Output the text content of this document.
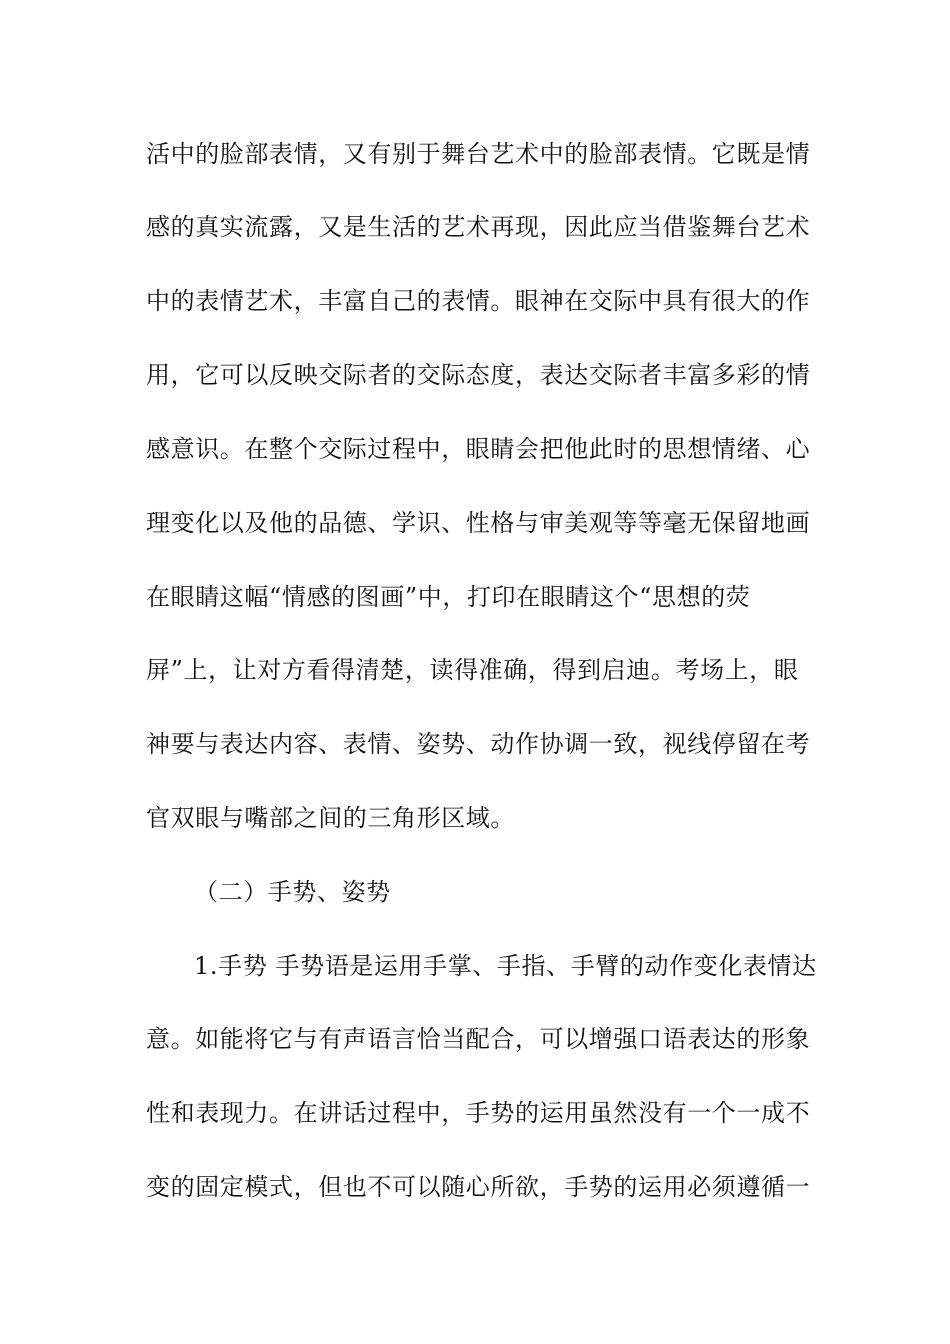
活中的脸部表情，又有别于舞台艺术中的脸部表情。它既是情
感的真实流露，又是生活的艺术再现，因此应当借鉴舞台艺术
中的表情艺术，丰富自己的表情。眼神在交际中具有很大的作
用，它可以反映交际者的交际态度，表达交际者丰富多彩的情
感意识。在整个交际过程中，眼睛会把他此时的思想情绪、心
理变化以及他的品德、学识、性格与审美观等等毫无保留地画
在眼睛这幅“情感的图画”中，打印在眼睛这个“思想的荧
屏”上，让对方看得清楚，读得准确，得到启迪。考场上，眼
神要与表达内容、表情、姿势、动作协调一致，视线停留在考
官双眼与嘴部之间的三角形区域。
（二）手势、姿势
1.手势 手势语是运用手掌、手指、手臂的动作变化表情达
意。如能将它与有声语言恰当配合，可以增强口语表达的形象
性和表现力。在讲话过程中，手势的运用虽然没有一个一成不
变的固定模式，但也不可以随心所欲，手势的运用必须遵循一
